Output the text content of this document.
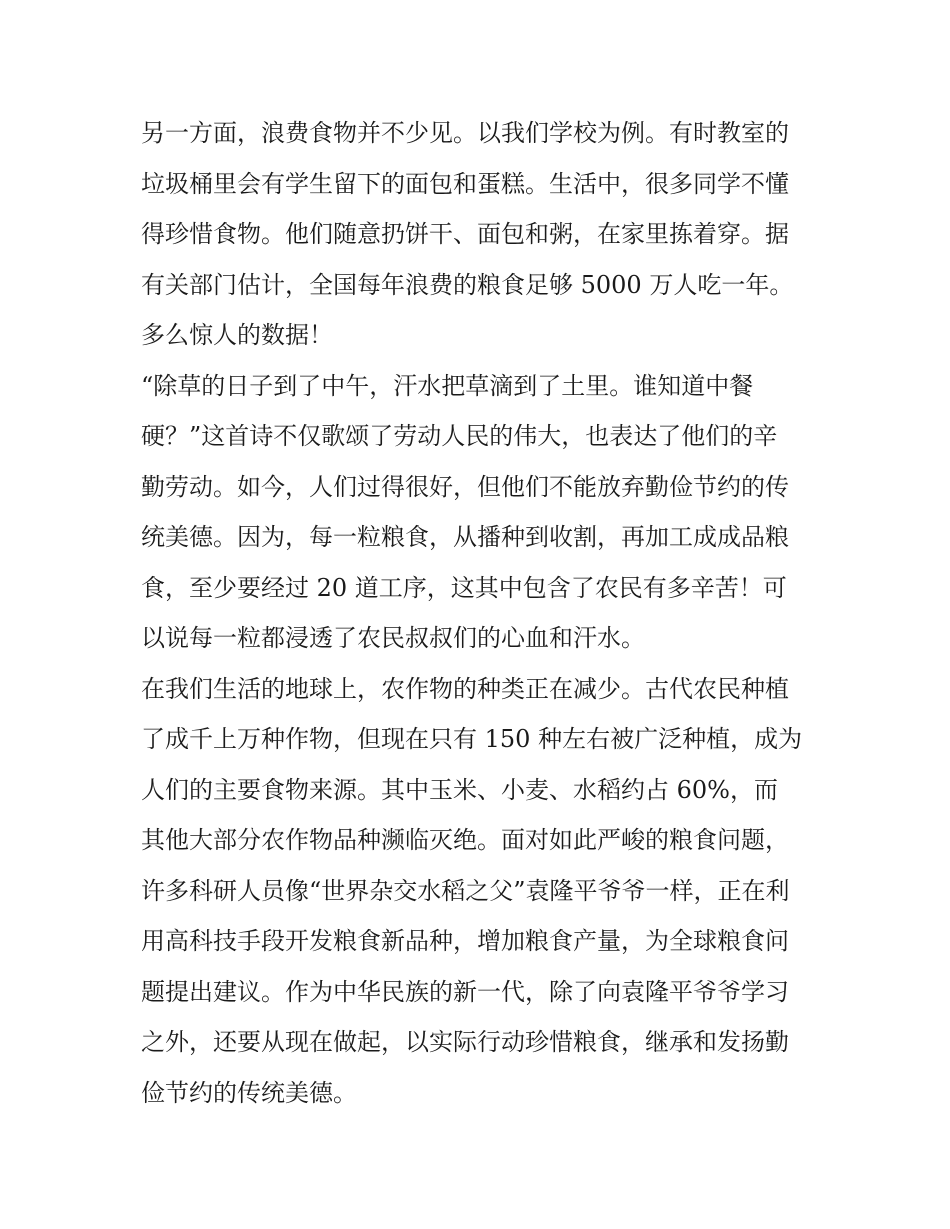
另一方面，浪费食物并不少见。以我们学校为例。有时教室的
垃圾桶里会有学生留下的面包和蛋糕。生活中，很多同学不懂
得珍惜食物。他们随意扔饼干、面包和粥，在家里拣着穿。据
有关部门估计，全国每年浪费的粮食足够 5000 万人吃一年。
多么惊人的数据！
“除草的日子到了中午，汗水把草滴到了土里。谁知道中餐
硬？”这首诗不仅歌颂了劳动人民的伟大，也表达了他们的辛
勤劳动。如今，人们过得很好，但他们不能放弃勤俭节约的传
统美德。因为，每一粒粮食，从播种到收割，再加工成成品粮
食，至少要经过 20 道工序，这其中包含了农民有多辛苦！可
以说每一粒都浸透了农民叔叔们的心血和汗水。
在我们生活的地球上，农作物的种类正在减少。古代农民种植
了成千上万种作物，但现在只有 150 种左右被广泛种植，成为
人们的主要食物来源。其中玉米、小麦、水稻约占 60%，而
其他大部分农作物品种濒临灭绝。面对如此严峻的粮食问题，
许多科研人员像“世界杂交水稻之父”袁隆平爷爷一样，正在利
用高科技手段开发粮食新品种，增加粮食产量，为全球粮食问
题提出建议。作为中华民族的新一代，除了向袁隆平爷爷学习
之外，还要从现在做起，以实际行动珍惜粮食，继承和发扬勤
俭节约的传统美德。
